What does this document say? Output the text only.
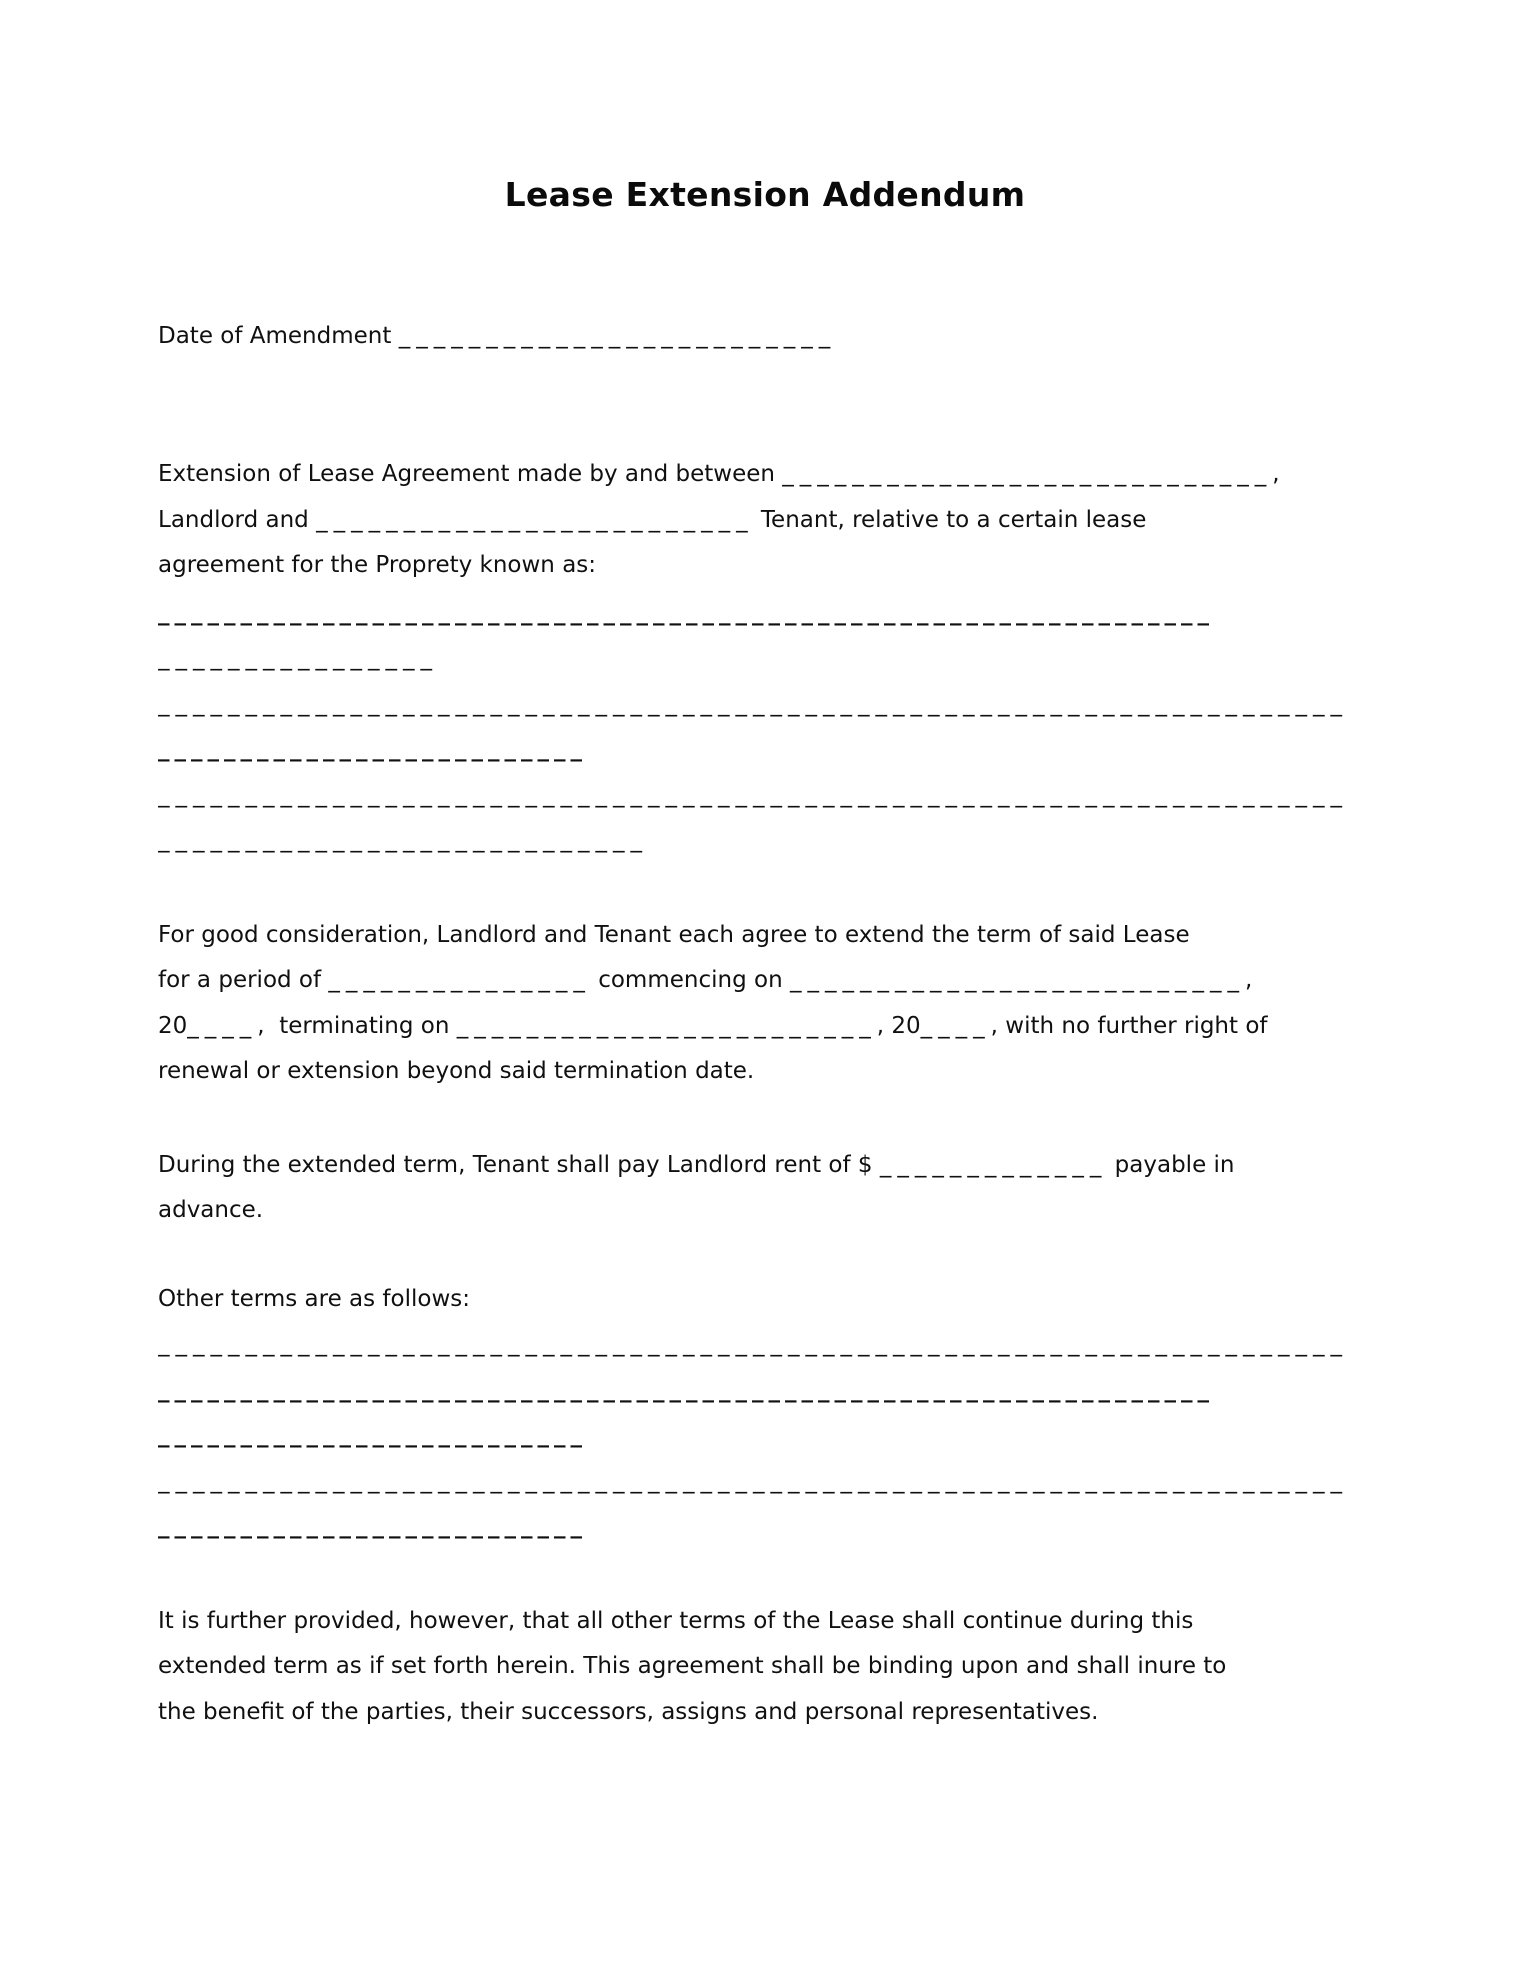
Lease Extension Addendum
Date of Amendment _________________________
Extension of Lease Agreement made by and between ____________________________,
Landlord and _________________________ Tenant, relative to a certain lease
agreement for the Proprety known as:
________________________________________________________________
________________
____________________________________________________________________
__________________________
____________________________________________________________________
____________________________
For good consideration, Landlord and Tenant each agree to extend the term of said Lease
for a period of _______________ commencing on __________________________,
20____,  terminating on ________________________, 20____, with no further right of
renewal or extension beyond said termination date.
During the extended term, Tenant shall pay Landlord rent of $ _____________ payable in
advance.
Other terms are as follows:
____________________________________________________________________
________________________________________________________________
__________________________
____________________________________________________________________
__________________________
It is further provided, however, that all other terms of the Lease shall continue during this
extended term as if set forth herein. This agreement shall be binding upon and shall inure to
the benefit of the parties, their successors, assigns and personal representatives.
